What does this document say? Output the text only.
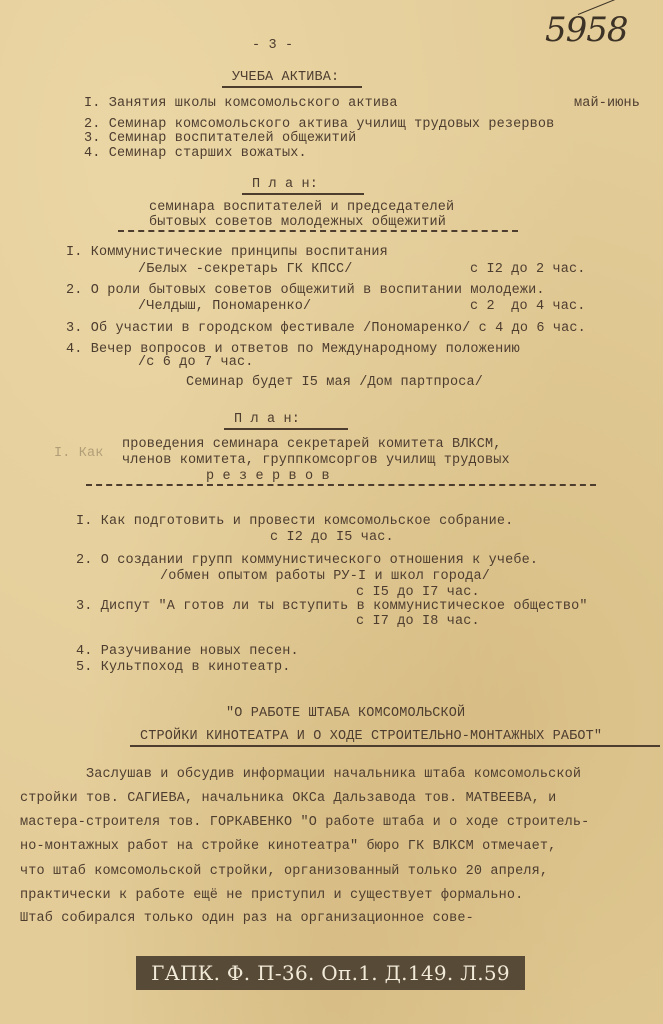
5958
- 3 -
УЧЕБА АКТИВА:
I. Занятия школы комсомольского актива	май-июнь
2. Семинар комсомольского актива училищ трудовых резервов
3. Семинар воспитателей общежитий
4. Семинар старших вожатых.
П л а н:
семинара воспитателей и председателей
бытовых советов молодежных общежитий
I. Коммунистические принципы воспитания
/Белых -секретарь ГК КПСС/	с I2 до 2 час.
2. О роли бытовых советов общежитий в воспитании молодежи.
/Челдыш, Пономаренко/	с 2  до 4 час.
3. Об участии в городском фестивале /Пономаренко/ с 4 до 6 час.
4. Вечер вопросов и ответов по Международному положению
/с 6 до 7 час.
Семинар будет I5 мая /Дом партпроса/
П л а н:
I. Как
проведения семинара секретарей комитета ВЛКСМ,
членов комитета, группкомсоргов училищ трудовых
р е з е р в о в
I. Как подготовить и провести комсомольское собрание.
с I2 до I5 час.
2. О создании групп коммунистического отношения к учебе.
/обмен опытом работы РУ-I и школ города/
с I5 до I7 час.
3. Диспут "А готов ли ты вступить в коммунистическое общество"
с I7 до I8 час.
4. Разучивание новых песен.
5. Культпоход в кинотеатр.
"О РАБОТЕ ШТАБА КОМСОМОЛЬСКОЙ
СТРОЙКИ КИНОТЕАТРА И О ХОДЕ СТРОИТЕЛЬНО-МОНТАЖНЫХ РАБОТ"
Заслушав и обсудив информации начальника штаба комсомольской
стройки тов. САГИЕВА, начальника ОКСа Дальзавода тов. МАТВЕЕВА, и
мастера-строителя тов. ГОРКАВЕНКО "О работе штаба и о ходе строитель-
но-монтажных работ на стройке кинотеатра" бюро ГК ВЛКСМ отмечает,
что штаб комсомольской стройки, организованный только 20 апреля,
практически к работе ещё не приступил и существует формально.
Штаб собирался только один раз на организационное сове-
ГАПК. Ф. П-36. Оп.1. Д.149. Л.59
